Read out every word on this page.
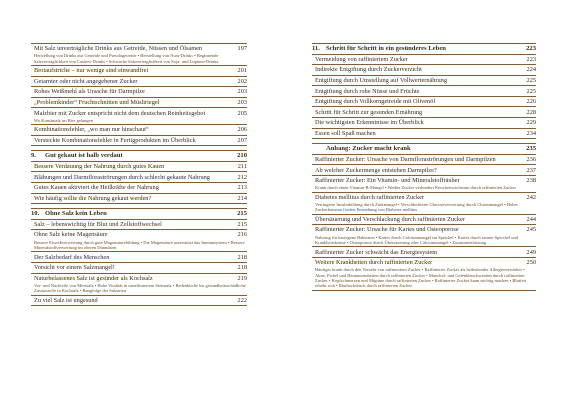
Mit Salz unverträgliche Drinks aus Getreide, Nüssen und Ölsamen	197
Herstellung von Drinks aus Getreide und Pseudogetreide • Herstellung von Nuss-Drinks • Beginnende Salzverträglichkeit von Cashew-Drinks • Schwache Salzverträglichkeit von Soja- und Lupinen-Drinks
Brotaufstriche – nur wenige sind einwandfrei	201
Getarnter oder nicht angegebener Zucker	202
Rohes Weißmehl als Ursache für Darmpilze	203
„Problemkinder“ Fruchtschnitten und Müsliriegel	203
Malzbier mit Zucker entspricht nicht dem deutschen Reinheitsgebot	205
Wo Kunstmalz im Bier gelangen
Kombinationsfehler, „wo man nur hinschaut“	206
Versteckte Kombinationsfehler in Fertigprodukten im Überblick	207
9. Gut gekaut ist halb verdaut	210
Bessere Verdauung der Nahrung durch gutes Kauen	211
Blähungen und Darmfloraströrungen durch schlecht gekaute Nahrung	212
Gutes Kauen aktiviert die Heilkräfte der Nahrung	213
Wie häufig sollte die Nahrung gekaut werden?	214
10. Ohne Salz kein Leben	215
Salz – lebenswichtig für Blut und Zellstoffwechsel	215
Ohne Salz keine Magensäure	216
Bessere Eiweißverwertung durch gute Magensäurebildung • Die Magensäure unterstützt das Immunsystem • Bessere Mineralstoffverwertung im oberen Dünndarm
Der Salzbedarf des Menschen	218
Vorsicht vor einem Salzmangel!	218
Naturbelassenes Salz ist gesünder als Kochsalz	219
Vor- und Nachteile von Meersalz • Hohe Vitalität in unraffiniertem Steinsalz • Bedenkliche bis gesundheitsschädliche Zusatzstoffe in Kochsalz • Rangfolge der Salzarten
Zu viel Salz ist ungesund	222
11. Schritt für Schritt in ein gesünderes Leben	223
Vermeidung von raffiniertem Zucker	223
Indirekte Entgiftung durch Zuckerverzicht	224
Entgiftung durch Umstellung auf Vollwerternährung	225
Entgiftung durch rohe Nüsse und Früchte	225
Entgiftung durch Vollkorngetreide mit Olivenöl	226
Schritt für Schritt zur gesunden Ernährung	228
Die wichtigsten Erkenntnisse im Überblick	229
Essen soll Spaß machen	234
Anhang: Zucker macht krank	235
Raffinierter Zucker: Ursache von Darmfloraströrungen und Darmpilzen	236
Ab welcher Zuckermenge entstehen Darmpilze?	237
Raffinierter Zucker: Ein Vitamin- und Mineralstoffräuber	238
Krank durch einen Vitamin-B-Mangel • Weißer Zucker verhindert Knochenwachstum durch raffinierten Zucker
Diabetes mellitus durch raffinierten Zucker	242
Verringerte Insulinbildung durch Zinkmangel • Verschlechterte Glucoseverwertung durch Chrommangel • Hoher Zuckerkonsum fördert Entstehung von Diabetes mellitus
Übersäuerung und Verschlackung durch raffinierten Zucker	244
Raffinierter Zucker: Ursache für Karies und Osteoporose	245
Nahrung für kariogene Bakterien • Karies durch Calciummangel im Speichel • Karies durch sauren Speichel und Krankheitskeime • Osteoporose durch Übersäuerung oder Calciummangel • Zusammenfassung
Raffinierter Zucker schwächt das Energiesystem	249
Weitere Krankheiten durch raffinierten Zucker	250
Häufiger krank durch den Verzehr von raffiniertem Zucker • Raffinierter Zucker als bedeutender Allergieverstärker • Akne, Pickel und Hautunreinheiten durch raffinierten Zucker • Mundcal- und Gelenkbeschwerden durch raffinierten Zucker • Kopfschmerzen und Migräne durch raffinierten Zucker • Raffinierter Zucker kann süchtig machen • Blutfett erhöht sich • Bluthochdruck durch raffinierten Zucker
